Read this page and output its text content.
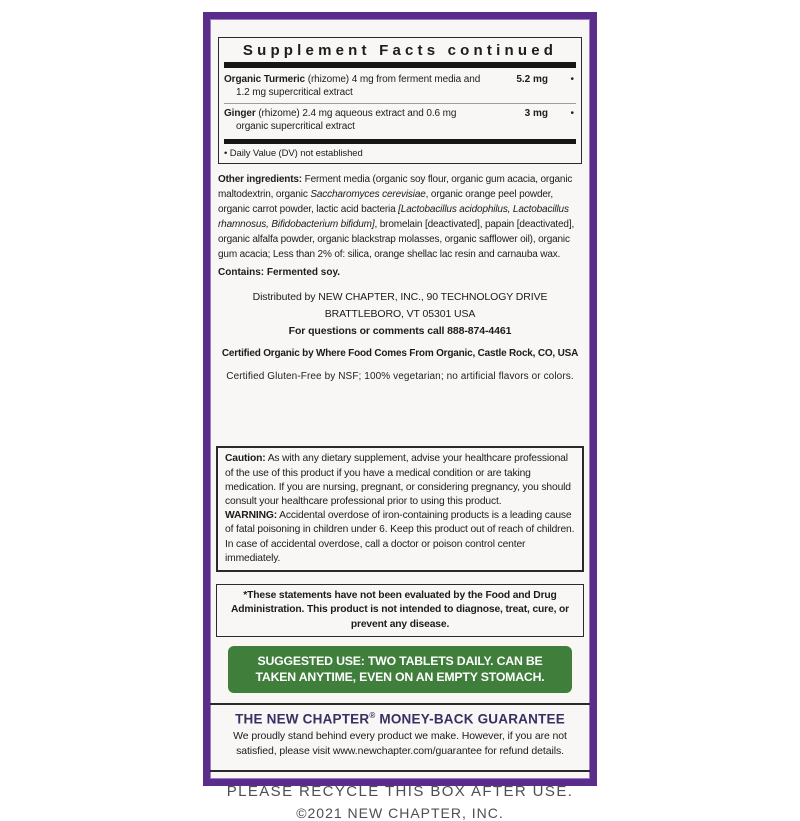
Supplement Facts continued
Organic Turmeric (rhizome) 4 mg from ferment media and 1.2 mg supercritical extract
5.2 mg	•
Ginger (rhizome) 2.4 mg aqueous extract and 0.6 mg organic supercritical extract
3 mg	•
• Daily Value (DV) not established

Other ingredients: Ferment media (organic soy flour, organic gum acacia, organic maltodextrin, organic Saccharomyces cerevisiae, organic orange peel powder, organic carrot powder, lactic acid bacteria [Lactobacillus acidophilus, Lactobacillus rhamnosus, Bifidobacterium bifidum], bromelain [deactivated], papain [deactivated], organic alfalfa powder, organic blackstrap molasses, organic safflower oil), organic gum acacia; Less than 2% of: silica, orange shellac lac resin and carnauba wax.

Contains: Fermented soy.

Distributed by NEW CHAPTER, INC., 90 TECHNOLOGY DRIVE
BRATTLEBORO, VT 05301 USA
For questions or comments call 888-874-4461
Certified Organic by Where Food Comes From Organic, Castle Rock, CO, USA
Certified Gluten-Free by NSF; 100% vegetarian; no artificial flavors or colors.
Caution: As with any dietary supplement, advise your healthcare professional of the use of this product if you have a medical condition or are taking medication. If you are nursing, pregnant, or considering pregnancy, you should consult your healthcare professional prior to using this product.
WARNING: Accidental overdose of iron-containing products is a leading cause of fatal poisoning in children under 6. Keep this product out of reach of children. In case of accidental overdose, call a doctor or poison control center immediately.
*These statements have not been evaluated by the Food and Drug Administration. This product is not intended to diagnose, treat, cure, or prevent any disease.
SUGGESTED USE: TWO TABLETS DAILY. CAN BE TAKEN ANYTIME, EVEN ON AN EMPTY STOMACH.
THE NEW CHAPTER® MONEY-BACK GUARANTEE
We proudly stand behind every product we make. However, if you are not satisfied, please visit www.newchapter.com/guarantee for refund details.
PLEASE RECYCLE THIS BOX AFTER USE.
©2021 NEW CHAPTER, INC.
